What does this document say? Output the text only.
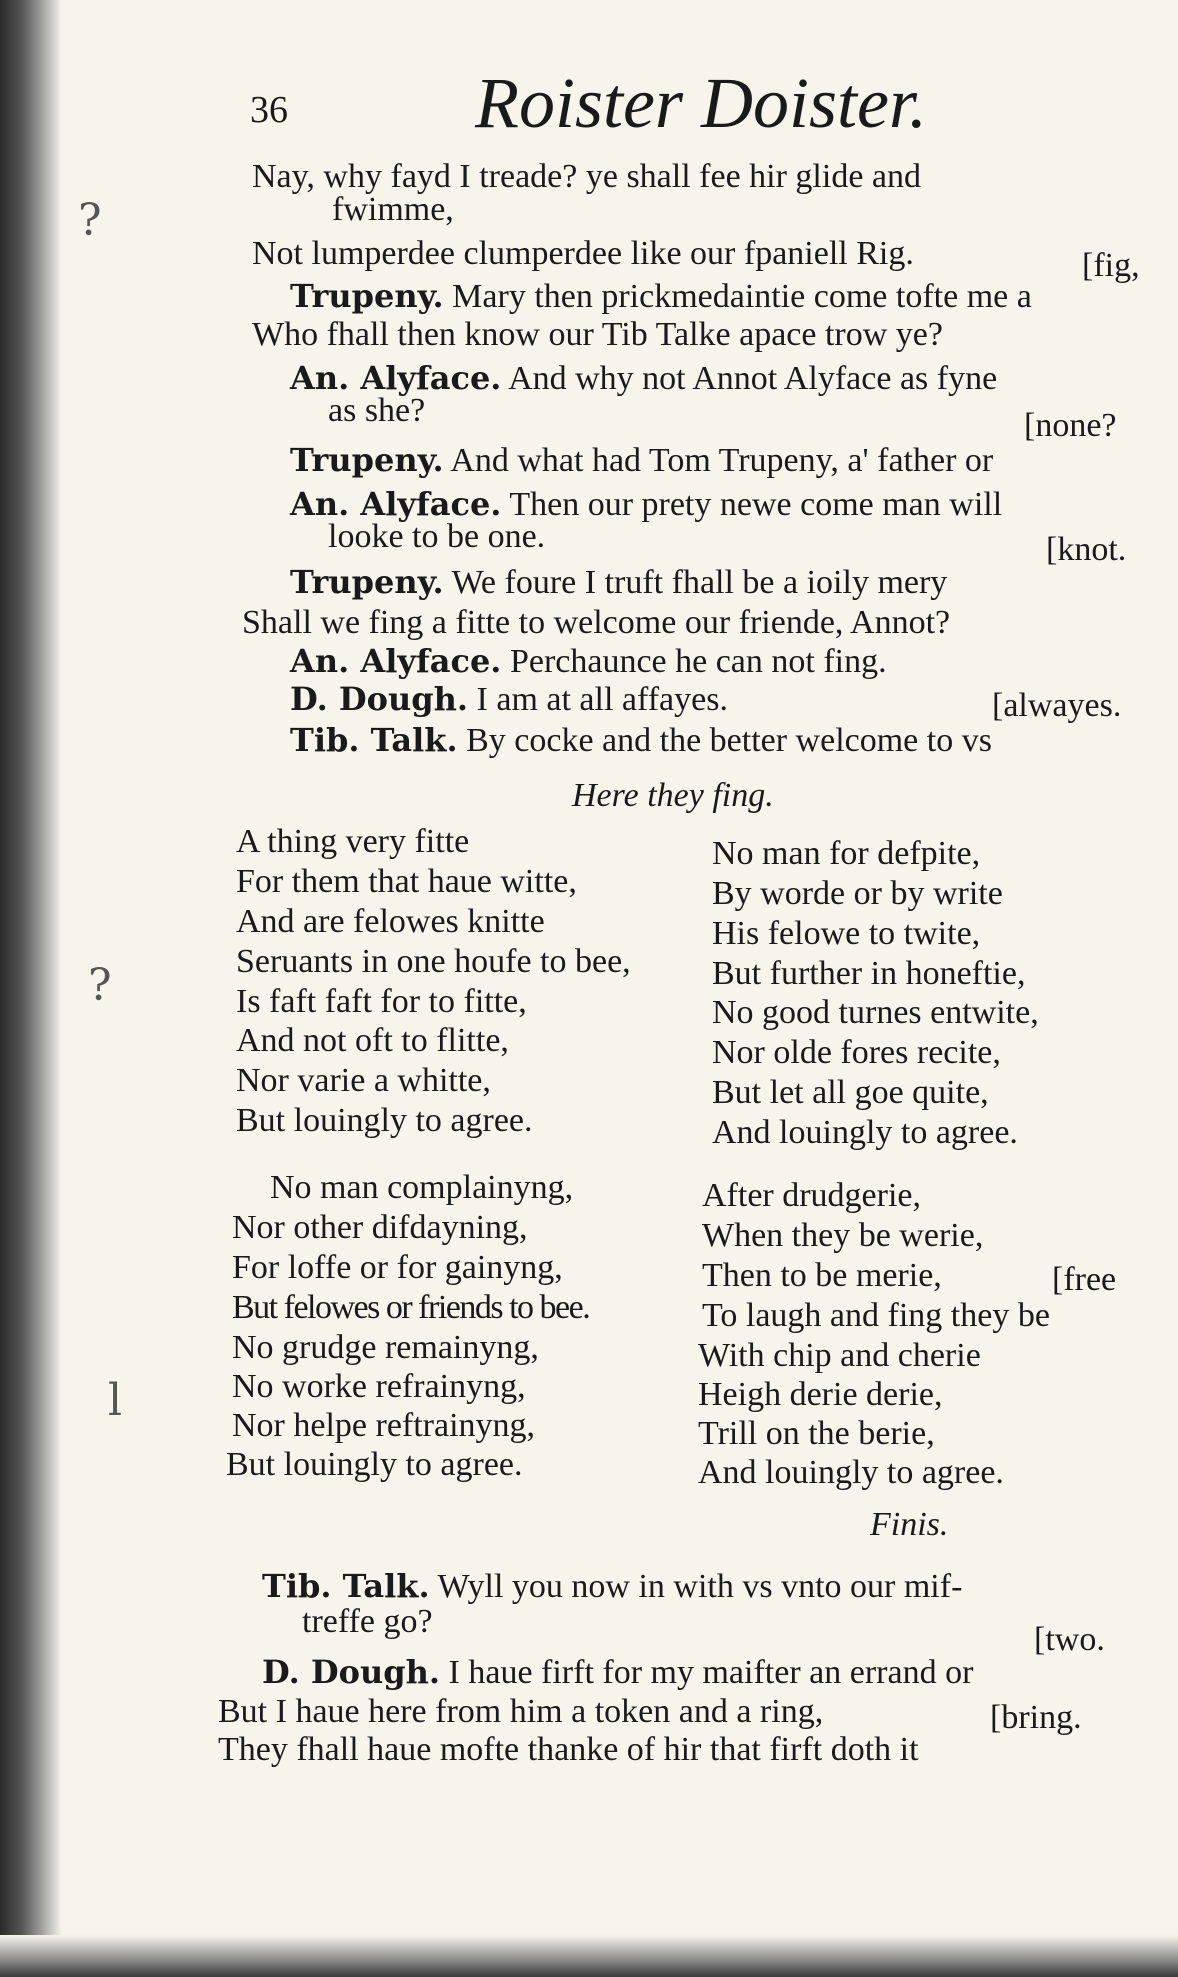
?
?
l
36	Roister Doister.
Nay, why fayd I treade? ye shall fee hir glide and
fwimme,
Not lumperdee clumperdee like our fpaniell Rig.	[fig,
Trupeny. Mary then prickmedaintie come tofte me a
Who fhall then know our Tib Talke apace trow ye?
An. Alyface. And why not Annot Alyface as fyne
as she?	[none?
Trupeny. And what had Tom Trupeny, a' father or
An. Alyface. Then our prety newe come man will
looke to be one.	[knot.
Trupeny. We foure I truft fhall be a ioily mery
Shall we fing a fitte to welcome our friende, Annot?
An. Alyface. Perchaunce he can not fing.
D. Dough. I am at all affayes.	[alwayes.
Tib. Talk. By cocke and the better welcome to vs
Here they fing.
A thing very fitte
For them that haue witte,
And are felowes knitte
Seruants in one houfe to bee,
Is faft faft for to fitte,
And not oft to flitte,
Nor varie a whitte,
But louingly to agree.
No man for defpite,
By worde or by write
His felowe to twite,
But further in honeftie,
No good turnes entwite,
Nor olde fores recite,
But let all goe quite,
And louingly to agree.
No man complainyng,
Nor other difdayning,
For loffe or for gainyng,
But felowes or friends to bee.
No grudge remainyng,
No worke refrainyng,
Nor helpe reftrainyng,
But louingly to agree.
After drudgerie,
When they be werie,
Then to be merie,	[free
To laugh and fing they be
With chip and cherie
Heigh derie derie,
Trill on the berie,
And louingly to agree.
Finis.
Tib. Talk. Wyll you now in with vs vnto our mif-
treffe go?	[two.
D. Dough. I haue firft for my maifter an errand or
But I haue here from him a token and a ring,	[bring.
They fhall haue mofte thanke of hir that firft doth it
